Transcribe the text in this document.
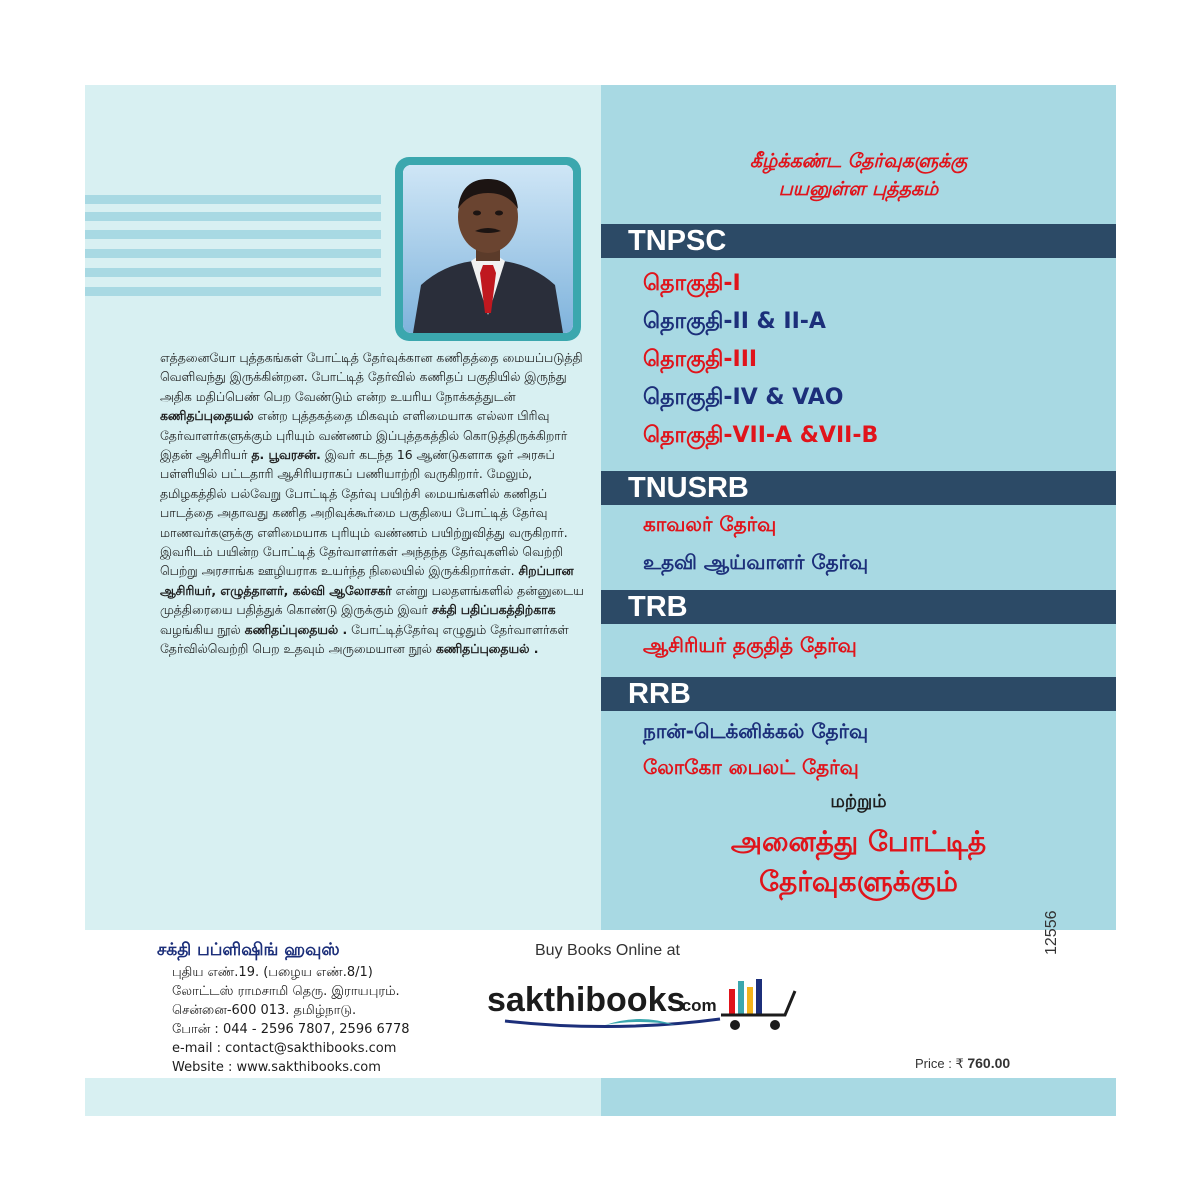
எத்தனையோ புத்தகங்கள் போட்டித் தேர்வுக்கான கணிதத்தை மையப்படுத்தி வெளிவந்து இருக்கின்றன. போட்டித் தேர்வில் கணிதப் பகுதியில் இருந்து அதிக மதிப்பெண் பெற வேண்டும் என்ற உயரிய நோக்கத்துடன் கணிதப்புதையல் என்ற புத்தகத்தை மிகவும் எளிமையாக எல்லா பிரிவு தேர்வாளர்களுக்கும் புரியும் வண்ணம் இப்புத்தகத்தில் கொடுத்திருக்கிறார் இதன் ஆசிரியர் த. பூவரசன். இவர் கடந்த 16 ஆண்டுகளாக ஓர் அரசுப் பள்ளியில் பட்டதாரி ஆசிரியராகப் பணியாற்றி வருகிறார். மேலும், தமிழகத்தில் பல்வேறு போட்டித் தேர்வு பயிற்சி மையங்களில் கணிதப் பாடத்தை அதாவது கணித அறிவுக்கூர்மை பகுதியை போட்டித் தேர்வு மாணவர்களுக்கு எளிமையாக புரியும் வண்ணம் பயிற்றுவித்து வருகிறார். இவரிடம் பயின்ற போட்டித் தேர்வாளர்கள் அந்தந்த தேர்வுகளில் வெற்றி பெற்று அரசாங்க ஊழியராக உயர்ந்த நிலையில் இருக்கிறார்கள். சிறப்பான ஆசிரியர், எழுத்தாளர், கல்வி ஆலோசகர் என்று பலதளங்களில் தன்னுடைய முத்திரையை பதித்துக் கொண்டு இருக்கும் இவர் சக்தி பதிப்பகத்திற்காக வழங்கிய நூல் கணிதப்புதையல் . போட்டித்தேர்வு எழுதும் தேர்வாளர்கள் தேர்வில்வெற்றி பெற உதவும் அருமையான நூல் கணிதப்புதையல் .
கீழ்க்கண்ட தேர்வுகளுக்கு
பயனுள்ள புத்தகம்
TNPSC
தொகுதி-I
தொகுதி-II & II-A
தொகுதி-III
தொகுதி-IV & VAO
தொகுதி-VII-A &VII-B
TNUSRB
காவலர் தேர்வு
உதவி ஆய்வாளர் தேர்வு
TRB
ஆசிரியர் தகுதித் தேர்வு
RRB
நான்-டெக்னிக்கல் தேர்வு
லோகோ பைலட் தேர்வு
மற்றும்
அனைத்து போட்டித்
தேர்வுகளுக்கும்
சக்தி பப்ளிஷிங் ஹவுஸ்
புதிய எண்.19. (பழைய எண்.8/1)
லோட்டஸ் ராமசாமி தெரு. இராயபுரம்.
சென்னை-600 013. தமிழ்நாடு.
போன் : 044 - 2596 7807, 2596 6778
e-mail : contact@sakthibooks.com
Website : www.sakthibooks.com
Buy Books Online at
sakthibooks
.com
12556
Price : ₹ 760.00
